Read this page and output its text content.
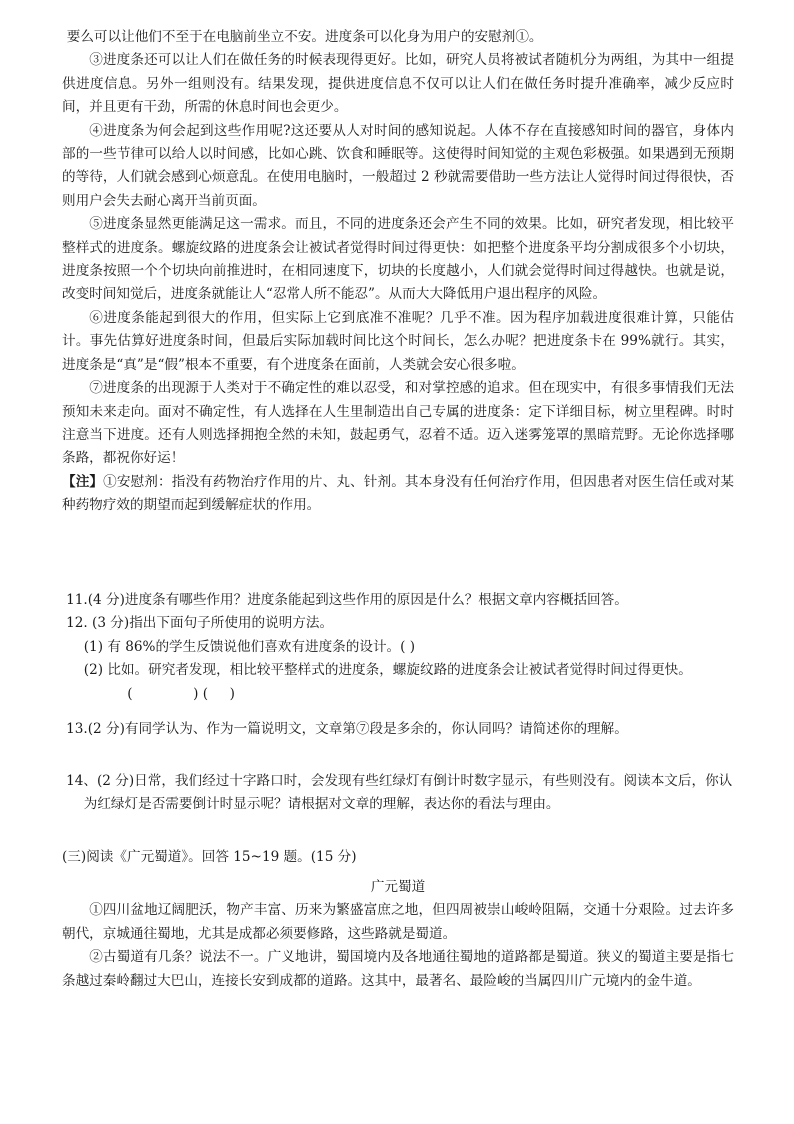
要么可以让他们不至于在电脑前坐立不安。进度条可以化身为用户的安慰剂①。

③进度条还可以让人们在做任务的时候表现得更好。比如，研究人员将被试者随机分为两组，为其中一组提供进度信息。另外一组则没有。结果发现，提供进度信息不仅可以让人们在做任务时提升准确率，减少反应时间，并且更有干劲，所需的休息时间也会更少。

④进度条为何会起到这些作用呢?这还要从人对时间的感知说起。人体不存在直接感知时间的器官，身体内部的一些节律可以给人以时间感，比如心跳、饮食和睡眠等。这使得时间知觉的主观色彩极强。如果遇到无预期的等待，人们就会感到心烦意乱。在使用电脑时，一般超过 2 秒就需要借助一些方法让人觉得时间过得很快，否则用户会失去耐心离开当前页面。

⑤进度条显然更能满足这一需求。而且，不同的进度条还会产生不同的效果。比如，研究者发现，相比较平整样式的进度条。螺旋纹路的进度条会让被试者觉得时间过得更快：如把整个进度条平均分割成很多个小切块，进度条按照一个个切块向前推进时，在相同速度下，切块的长度越小，人们就会觉得时间过得越快。也就是说，改变时间知觉后，进度条就能让人“忍常人所不能忍”。从而大大降低用户退出程序的风险。

⑥进度条能起到很大的作用，但实际上它到底准不准呢？几乎不准。因为程序加载进度很难计算，只能估计。事先估算好进度条时间，但最后实际加载时间比这个时间长，怎么办呢？把进度条卡在 99%就行。其实，进度条是“真”是“假”根本不重要，有个进度条在面前，人类就会安心很多啦。

⑦进度条的出现源于人类对于不确定性的难以忍受，和对掌控感的追求。但在现实中，有很多事情我们无法预知未来走向。面对不确定性，有人选择在人生里制造出自己专属的进度条：定下详细目标，树立里程碑。时时注意当下进度。还有人则选择拥抱全然的未知，鼓起勇气，忍着不适。迈入迷雾笼罩的黑暗荒野。无论你选择哪条路，都祝你好运！

【注】①安慰剂：指没有药物治疗作用的片、丸、针剂。其本身没有任何治疗作用，但因患者对医生信任或对某种药物疗效的期望而起到缓解症状的作用。

11.(4 分)进度条有哪些作用？进度条能起到这些作用的原因是什么？根据文章内容概括回答。

12. (3 分)指出下面句子所使用的说明方法。

(1) 有 86%的学生反馈说他们喜欢有进度条的设计。( )

(2) 比如。研究者发现，相比较平整样式的进度条，螺旋纹路的进度条会让被试者觉得时间过得更快。

(              ) (     )

13.(2 分)有同学认为、作为一篇说明文，文章第⑦段是多余的，你认同吗？请简述你的理解。

14、(2 分)日常，我们经过十字路口时，会发现有些红绿灯有倒计时数字显示，有些则没有。阅读本文后，你认为红绿灯是否需要倒计时显示呢？请根据对文章的理解，表达你的看法与理由。

(三)阅读《广元蜀道》。回答 15~19 题。(15 分)

广元蜀道

①四川盆地辽阔肥沃，物产丰富、历来为繁盛富庶之地，但四周被崇山峻岭阻隔，交通十分艰险。过去许多朝代，京城通往蜀地，尤其是成都必须要修路，这些路就是蜀道。

②古蜀道有几条？说法不一。广义地讲，蜀国境内及各地通往蜀地的道路都是蜀道。狭义的蜀道主要是指七条越过秦岭翻过大巴山，连接长安到成都的道路。这其中，最著名、最险峻的当属四川广元境内的金牛道。
